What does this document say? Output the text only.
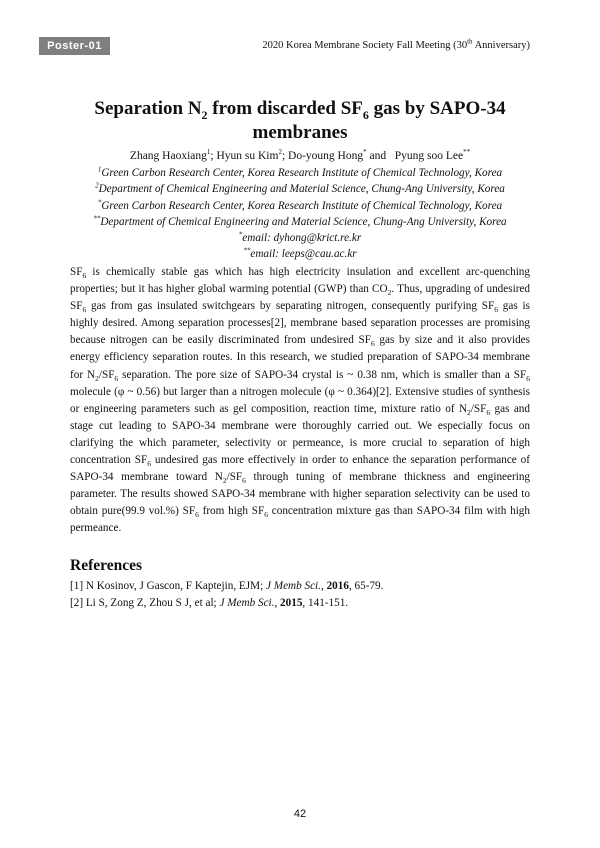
Poster-01	2020 Korea Membrane Society Fall Meeting (30th Anniversary)
Separation $N_2$ from discarded $SF_6$ gas by SAPO-34
membranes
Zhang Haoxiang$^1$; Hyun su Kim$^2$; Do-young Hong* and   Pyung soo Lee**
$^1$Green Carbon Research Center, Korea Research Institute of Chemical Technology, Korea
$^2$Department of Chemical Engineering and Material Science, Chung-Ang University, Korea
*Green Carbon Research Center, Korea Research Institute of Chemical Technology, Korea
**Department of Chemical Engineering and Material Science, Chung-Ang University, Korea
*email: dyhong@krict.re.kr
**email: leeps@cau.ac.kr

$SF_6$ is chemically stable gas which has high electricity insulation and excellent arc-quenching properties; but it has higher global warming potential (GWP) than $CO_2$. Thus, upgrading of undesired $SF_6$ gas from gas insulated switchgears by separating nitrogen, consequently purifying $SF_6$ gas is highly desired. Among separation processes[2], membrane based separation processes are promising because nitrogen can be easily discriminated from undesired $SF_6$ gas by size and it also provides energy efficiency separation routes. In this research, we studied preparation of SAPO-34 membrane for $N_2/SF_6$ separation. The pore size of SAPO-34 crystal is ~ 0.38 nm, which is smaller than a $SF_6$ molecule (φ ~ 0.56) but larger than a nitrogen molecule (φ ~ 0.364)[2]. Extensive studies of synthesis or engineering parameters such as gel composition, reaction time, mixture ratio of $N_2/SF_6$ gas and stage cut leading to SAPO-34 membrane were thoroughly carried out. We especially focus on clarifying the which parameter, selectivity or permeance, is more crucial to separation of high concentration $SF_6$ undesired gas more effectively in order to enhance the separation performance of SAPO-34 membrane toward $N_2/SF_6$ through tuning of membrane thickness and engineering parameter. The results showed SAPO-34 membrane with higher separation selectivity can be used to obtain pure(99.9 vol.%) $SF_6$ from high $SF_6$ concentration mixture gas than SAPO-34 film with high permeance.

References
[1] N Kosinov, J Gascon, F Kaptejin, EJM; J Memb Sci., 2016, 65-79.
[2] Li S, Zong Z, Zhou S J, et al; J Memb Sci., 2015, 141-151.
42
